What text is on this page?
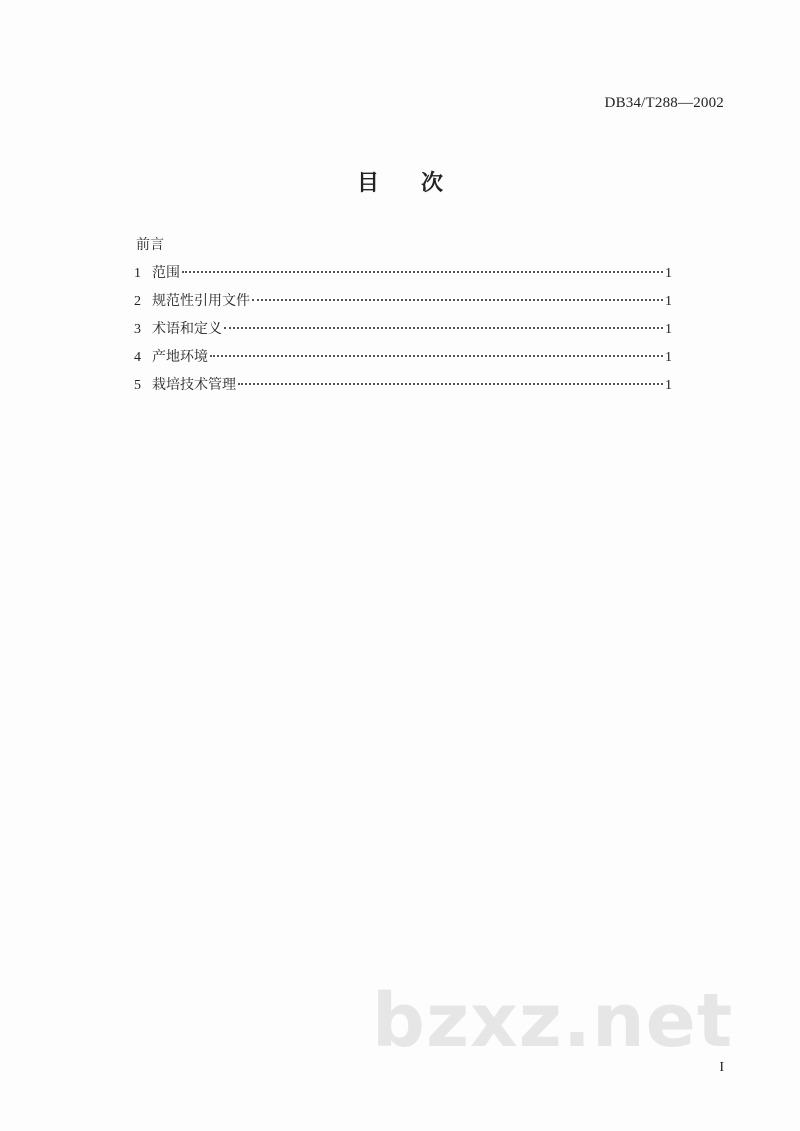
DB34/T288—2002
目 次
前言
1 范围	1
2 规范性引用文件	1
3 术语和定义	1
4 产地环境	1
5 栽培技术管理	1
bzxz.net
I
